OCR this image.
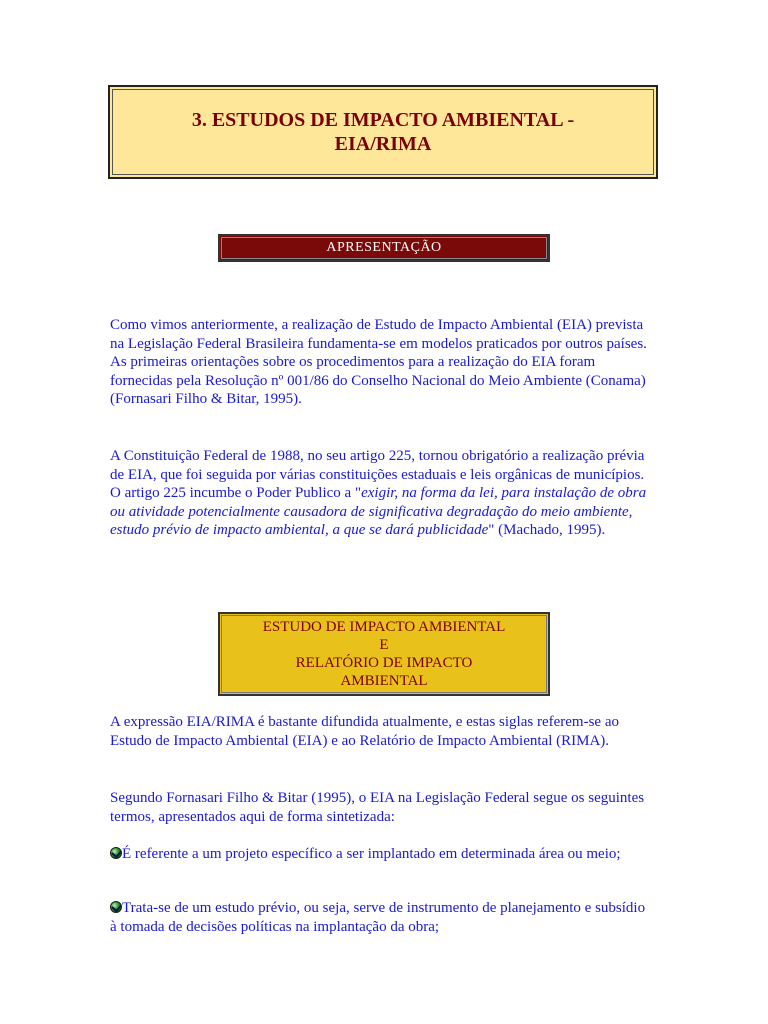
3. ESTUDOS DE IMPACTO AMBIENTAL -
EIA/RIMA
APRESENTAÇÃO

Como vimos anteriormente, a realização de Estudo de Impacto Ambiental (EIA) prevista na Legislação Federal Brasileira fundamenta-se em modelos praticados por outros países. As primeiras orientações sobre os procedimentos para a realização do EIA foram fornecidas pela Resolução nº 001/86 do Conselho Nacional do Meio Ambiente (Conama) (Fornasari Filho & Bitar, 1995).

A Constituição Federal de 1988, no seu artigo 225, tornou obrigatório a realização prévia de EIA, que foi seguida por várias constituições estaduais e leis orgânicas de municípios. O artigo 225 incumbe o Poder Publico a "exigir, na forma da lei, para instalação de obra ou atividade potencialmente causadora de significativa degradação do meio ambiente, estudo prévio de impacto ambiental, a que se dará publicidade" (Machado, 1995).

ESTUDO DE IMPACTO AMBIENTAL
E
RELATÓRIO DE IMPACTO
AMBIENTAL

A expressão EIA/RIMA é bastante difundida atualmente, e estas siglas referem-se ao Estudo de Impacto Ambiental (EIA) e ao Relatório de Impacto Ambiental (RIMA).

Segundo Fornasari Filho & Bitar (1995), o EIA na Legislação Federal segue os seguintes termos, apresentados aqui de forma sintetizada:

É referente a um projeto específico a ser implantado em determinada área ou meio;

Trata-se de um estudo prévio, ou seja, serve de instrumento de planejamento e subsídio à tomada de decisões políticas na implantação da obra;
